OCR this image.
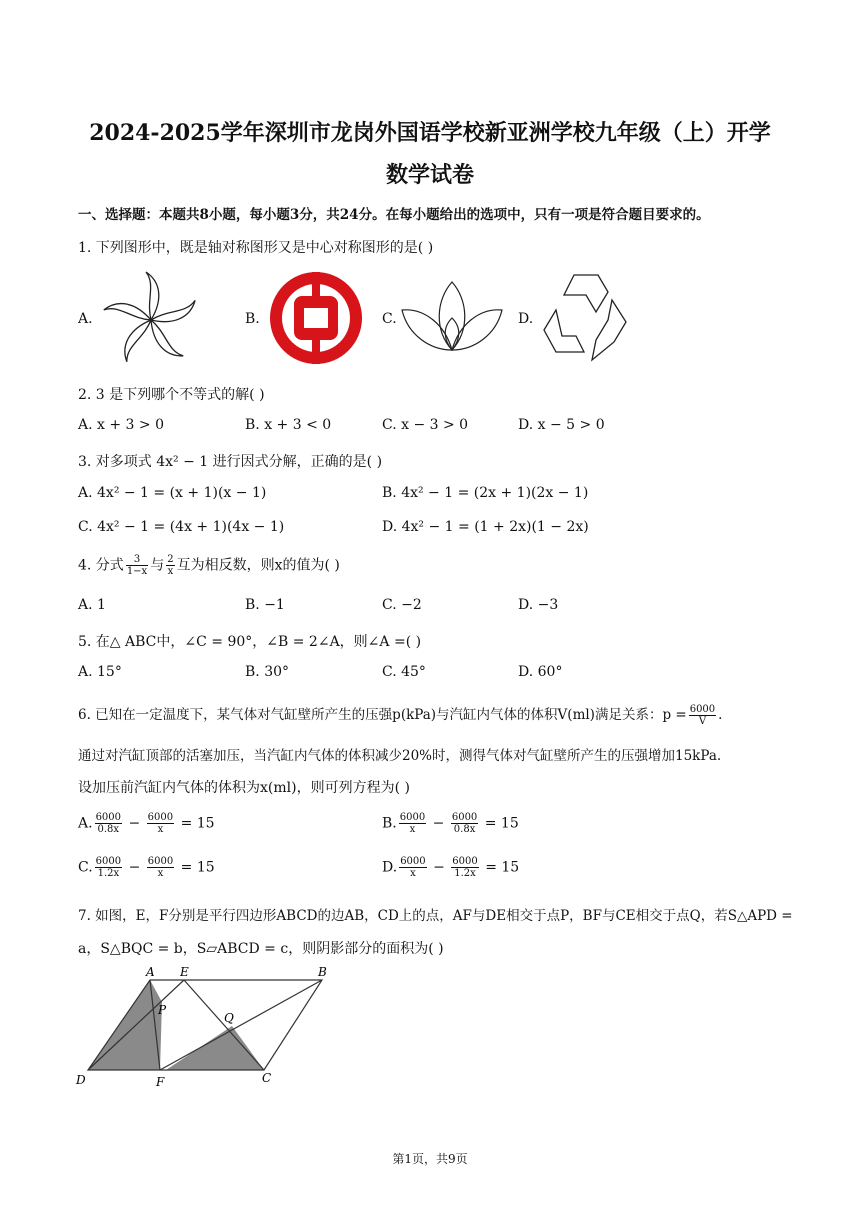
2024-2025学年深圳市龙岗外国语学校新亚洲学校九年级（上）开学
数学试卷
一、选择题：本题共8小题，每小题3分，共24分。在每小题给出的选项中，只有一项是符合题目要求的。
1. 下列图形中，既是轴对称图形又是中心对称图形的是( )
A.	B.	C.	D.
2. 3 是下列哪个不等式的解( )
A. x + 3 > 0	B. x + 3 < 0	C. x − 3 > 0	D. x − 5 > 0
3. 对多项式 4x² − 1 进行因式分解，正确的是( )
A. 4x² − 1 = (x + 1)(x − 1)	B. 4x² − 1 = (2x + 1)(2x − 1)
C. 4x² − 1 = (4x + 1)(4x − 1)	D. 4x² − 1 = (1 + 2x)(1 − 2x)
4. 分式 $\frac{3}{1-x}$ 与 $\frac{2}{x}$ 互为相反数，则x的值为( )
A. 1	B. −1	C. −2	D. −3
5. 在△ ABC中，∠C = 90°，∠B = 2∠A，则∠A =( )
A. 15°	B. 30°	C. 45°	D. 60°
6. 已知在一定温度下，某气体对气缸壁所产生的压强p(kPa)与汽缸内气体的体积V(ml)满足关系：$p = \frac{6000}{V}$ .
通过对汽缸顶部的活塞加压，当汽缸内气体的体积减少20%时，测得气体对气缸壁所产生的压强增加15kPa.
设加压前汽缸内气体的体积为x(ml)，则可列方程为( )
A. $\frac{6000}{0.8x} - \frac{6000}{x} = 15$	B. $\frac{6000}{x} - \frac{6000}{0.8x} = 15$
C. $\frac{6000}{1.2x} - \frac{6000}{x} = 15$	D. $\frac{6000}{x} - \frac{6000}{1.2x} = 15$
7. 如图，E，F分别是平行四边形ABCD的边AB，CD上的点，AF与DE相交于点P，BF与CE相交于点Q，若S△APD =
a，S△BQC = b，S▱ABCD = c，则阴影部分的面积为( )
A E	B
P
Q
D	F	C
第1页，共9页
